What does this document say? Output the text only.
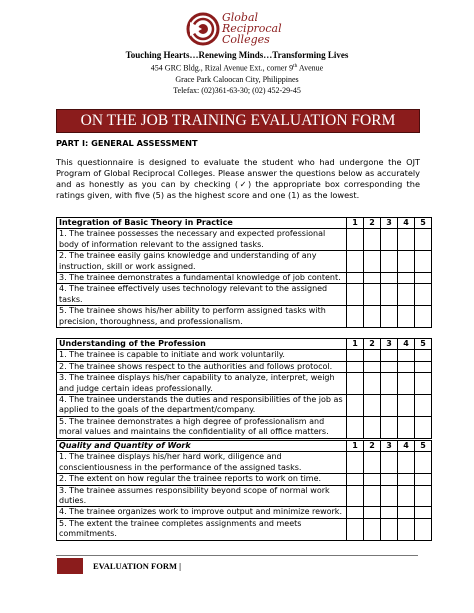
Global
Reciprocal
Colleges
Touching Hearts…Renewing Minds…Transforming Lives
454 GRC Bldg., Rizal Avenue Ext., corner 9th Avenue
Grace Park Caloocan City, Philippines
Telefax: (02)361-63-30; (02) 452-29-45
ON THE JOB TRAINING EVALUATION FORM
PART I: GENERAL ASSESSMENT
This questionnaire is designed to evaluate the student who had undergone the OJT Program of Global Reciprocal Colleges. Please answer the questions below as accurately and as honestly as you can by checking (✓) the appropriate box corresponding the ratings given, with five (5) as the highest score and one (1) as the lowest.
Integration of Basic Theory in Practice	1	2	3	4	5
1. The trainee possesses the necessary and expected professional body of information relevant to the assigned tasks.					
2. The trainee easily gains knowledge and understanding of any instruction, skill or work assigned.					
3. The trainee demonstrates a fundamental knowledge of job content.					
4. The trainee effectively uses technology relevant to the assigned tasks.					
5. The trainee shows his/her ability to perform assigned tasks with precision, thoroughness, and professionalism.					
Understanding of the Profession	1	2	3	4	5
1. The trainee is capable to initiate and work voluntarily.					
2. The trainee shows respect to the authorities and follows protocol.					
3. The trainee displays his/her capability to analyze, interpret, weigh and judge certain ideas professionally.					
4. The trainee understands the duties and responsibilities of the job as applied to the goals of the department/company.					
5. The trainee demonstrates a high degree of professionalism and moral values and maintains the confidentiality of all office matters.					
Quality and Quantity of Work	1	2	3	4	5
1. The trainee displays his/her hard work, diligence and conscientiousness in the performance of the assigned tasks.					
2. The extent on how regular the trainee reports to work on time.					
3. The trainee assumes responsibility beyond scope of normal work duties.					
4. The trainee organizes work to improve output and minimize rework.					
5. The extent the trainee completes assignments and meets commitments.					
EVALUATION FORM |
